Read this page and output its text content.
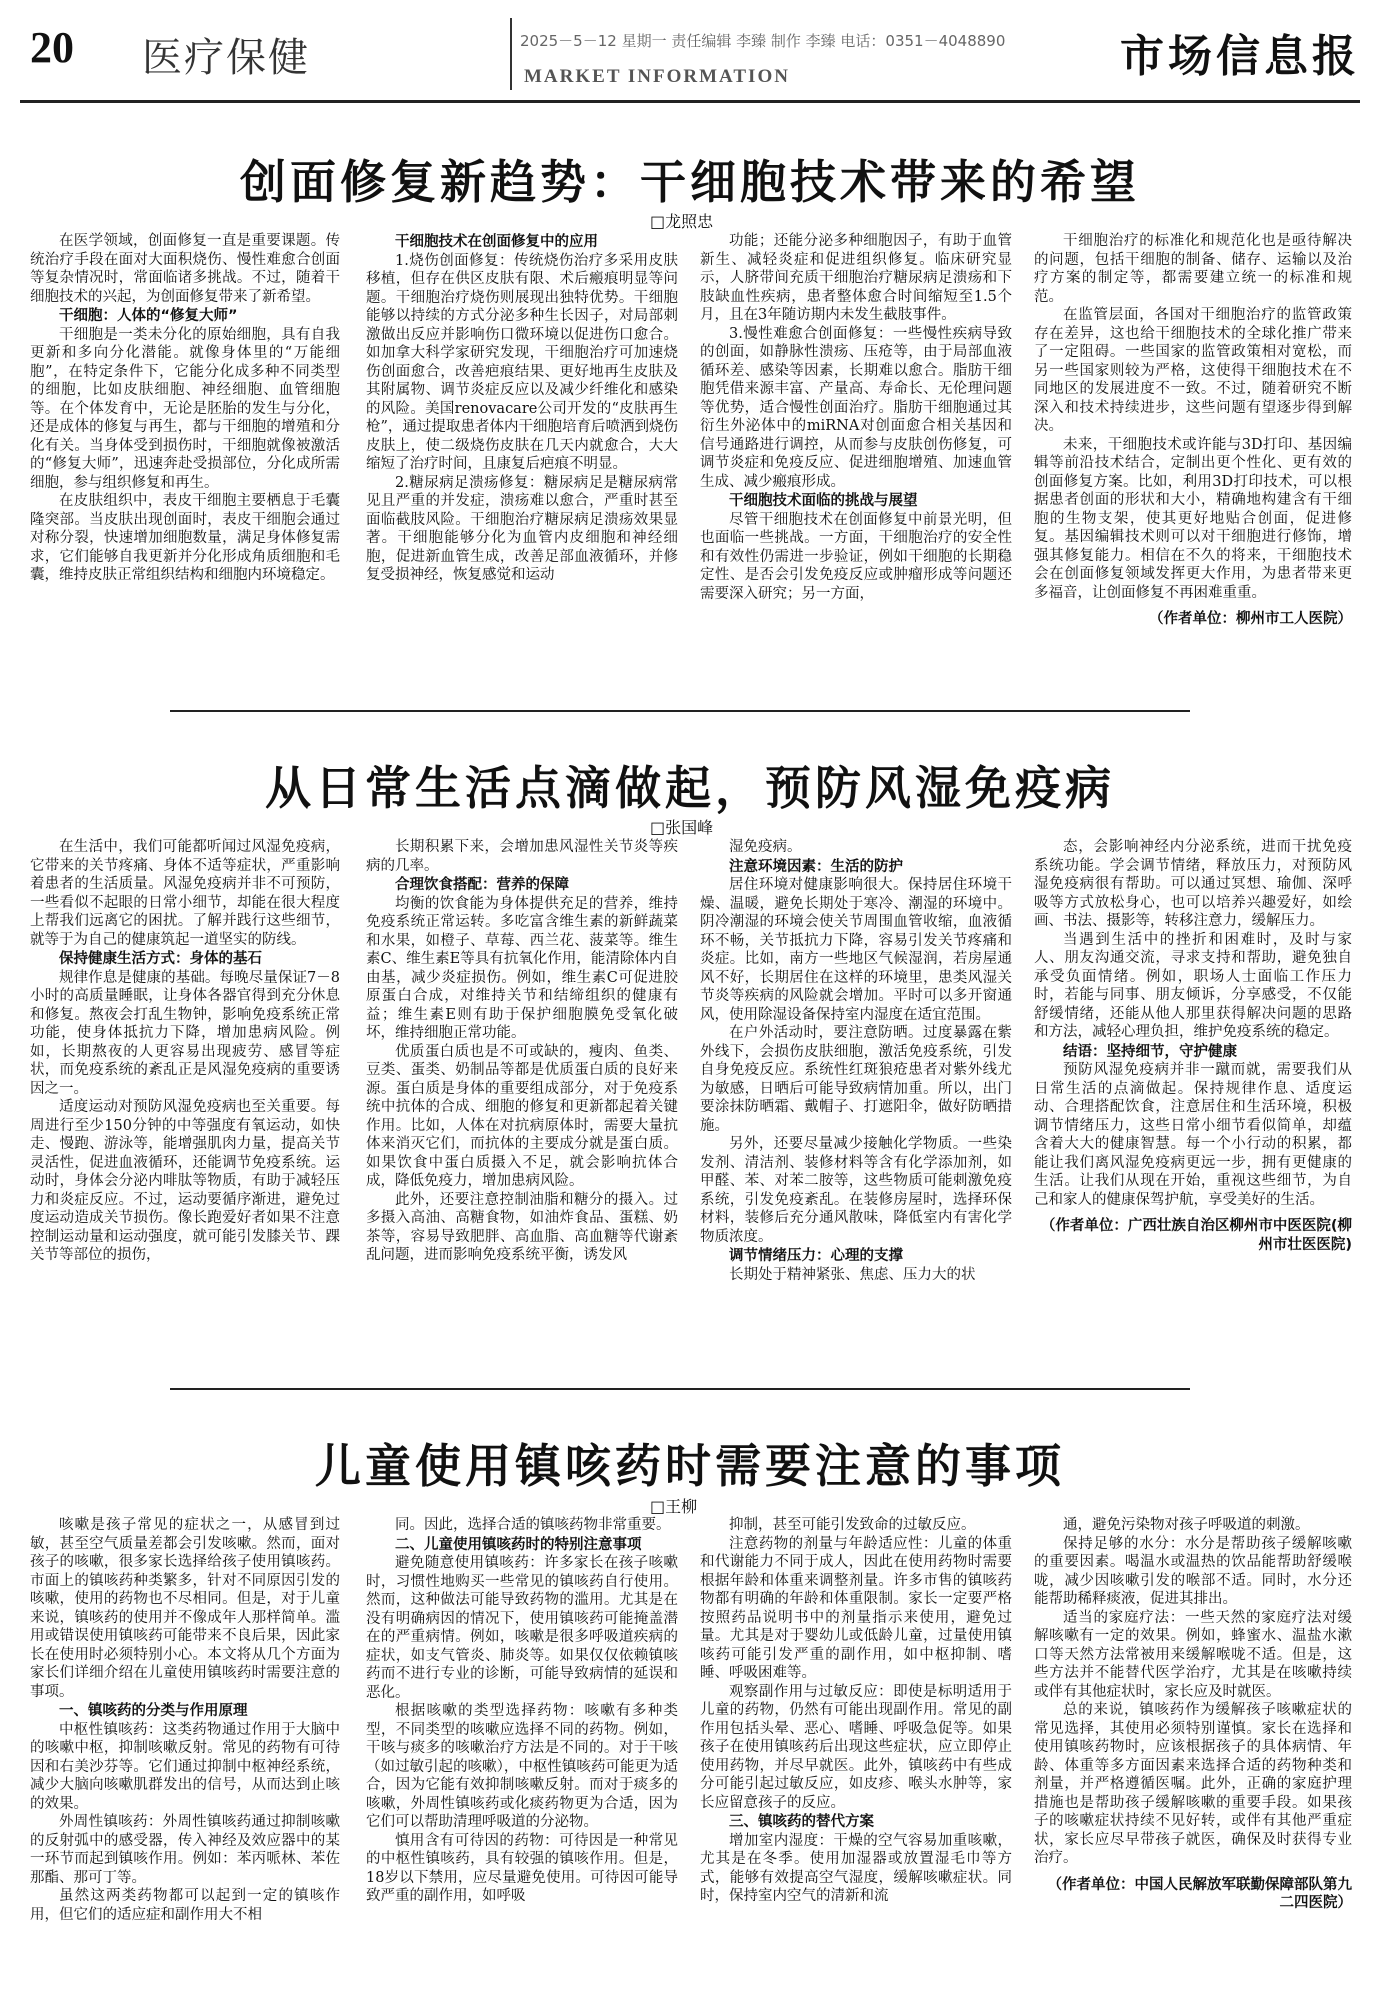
20 医疗保健	2025－5－12 星期一 责任编辑 李臻 制作 李臻 电话：0351－4048890
MARKET INFORMATION	市场信息报
创面修复新趋势：干细胞技术带来的希望
□龙照忠

在医学领域，创面修复一直是重要课题。传统治疗手段在面对大面积烧伤、慢性难愈合创面等复杂情况时，常面临诸多挑战。不过，随着干细胞技术的兴起，为创面修复带来了新希望。

干细胞：人体的“修复大师”

干细胞是一类未分化的原始细胞，具有自我更新和多向分化潜能。就像身体里的“万能细胞”，在特定条件下，它能分化成多种不同类型的细胞，比如皮肤细胞、神经细胞、血管细胞等。在个体发育中，无论是胚胎的发生与分化，还是成体的修复与再生，都与干细胞的增殖和分化有关。当身体受到损伤时，干细胞就像被激活的“修复大师”，迅速奔赴受损部位，分化成所需细胞，参与组织修复和再生。

在皮肤组织中，表皮干细胞主要栖息于毛囊隆突部。当皮肤出现创面时，表皮干细胞会通过对称分裂，快速增加细胞数量，满足身体修复需求，它们能够自我更新并分化形成角质细胞和毛囊，维持皮肤正常组织结构和细胞内环境稳定。

干细胞技术在创面修复中的应用

1.烧伤创面修复：传统烧伤治疗多采用皮肤移植，但存在供区皮肤有限、术后瘢痕明显等问题。干细胞治疗烧伤则展现出独特优势。干细胞能够以持续的方式分泌多种生长因子，对局部刺激做出反应并影响伤口微环境以促进伤口愈合。如加拿大科学家研究发现，干细胞治疗可加速烧伤创面愈合，改善疤痕结果、更好地再生皮肤及其附属物、调节炎症反应以及减少纤维化和感染的风险。美国renovacare公司开发的“皮肤再生枪”，通过提取患者体内干细胞培育后喷洒到烧伤皮肤上，使二级烧伤皮肤在几天内就愈合，大大缩短了治疗时间，且康复后疤痕不明显。

2.糖尿病足溃疡修复：糖尿病足是糖尿病常见且严重的并发症，溃疡难以愈合，严重时甚至面临截肢风险。干细胞治疗糖尿病足溃疡效果显著。干细胞能够分化为血管内皮细胞和神经细胞，促进新血管生成，改善足部血液循环，并修复受损神经，恢复感觉和运动

功能；还能分泌多种细胞因子，有助于血管新生、减轻炎症和促进组织修复。临床研究显示，人脐带间充质干细胞治疗糖尿病足溃疡和下肢缺血性疾病，患者整体愈合时间缩短至1.5个月，且在3年随访期内未发生截肢事件。

3.慢性难愈合创面修复：一些慢性疾病导致的创面，如静脉性溃疡、压疮等，由于局部血液循环差、感染等因素，长期难以愈合。脂肪干细胞凭借来源丰富、产量高、寿命长、无伦理问题等优势，适合慢性创面治疗。脂肪干细胞通过其衍生外泌体中的miRNA对创面愈合相关基因和信号通路进行调控，从而参与皮肤创伤修复，可调节炎症和免疫反应、促进细胞增殖、加速血管生成、减少瘢痕形成。

干细胞技术面临的挑战与展望

尽管干细胞技术在创面修复中前景光明，但也面临一些挑战。一方面，干细胞治疗的安全性和有效性仍需进一步验证，例如干细胞的长期稳定性、是否会引发免疫反应或肿瘤形成等问题还需要深入研究；另一方面，

干细胞治疗的标准化和规范化也是亟待解决的问题，包括干细胞的制备、储存、运输以及治疗方案的制定等，都需要建立统一的标准和规范。

在监管层面，各国对干细胞治疗的监管政策存在差异，这也给干细胞技术的全球化推广带来了一定阻碍。一些国家的监管政策相对宽松，而另一些国家则较为严格，这使得干细胞技术在不同地区的发展进度不一致。不过，随着研究不断深入和技术持续进步，这些问题有望逐步得到解决。

未来，干细胞技术或许能与3D打印、基因编辑等前沿技术结合，定制出更个性化、更有效的创面修复方案。比如，利用3D打印技术，可以根据患者创面的形状和大小，精确地构建含有干细胞的生物支架，使其更好地贴合创面，促进修复。基因编辑技术则可以对干细胞进行修饰，增强其修复能力。相信在不久的将来，干细胞技术会在创面修复领域发挥更大作用，为患者带来更多福音，让创面修复不再困难重重。

（作者单位：柳州市工人医院）

从日常生活点滴做起，预防风湿免疫病
□张国峰

在生活中，我们可能都听闻过风湿免疫病，它带来的关节疼痛、身体不适等症状，严重影响着患者的生活质量。风湿免疫病并非不可预防，一些看似不起眼的日常小细节，却能在很大程度上帮我们远离它的困扰。了解并践行这些细节，就等于为自己的健康筑起一道坚实的防线。

保持健康生活方式：身体的基石

规律作息是健康的基础。每晚尽量保证7－8小时的高质量睡眠，让身体各器官得到充分休息和修复。熬夜会打乱生物钟，影响免疫系统正常功能，使身体抵抗力下降，增加患病风险。例如，长期熬夜的人更容易出现疲劳、感冒等症状，而免疫系统的紊乱正是风湿免疫病的重要诱因之一。

适度运动对预防风湿免疫病也至关重要。每周进行至少150分钟的中等强度有氧运动，如快走、慢跑、游泳等，能增强肌肉力量，提高关节灵活性，促进血液循环，还能调节免疫系统。运动时，身体会分泌内啡肽等物质，有助于减轻压力和炎症反应。不过，运动要循序渐进，避免过度运动造成关节损伤。像长跑爱好者如果不注意控制运动量和运动强度，就可能引发膝关节、踝关节等部位的损伤，

长期积累下来，会增加患风湿性关节炎等疾病的几率。

合理饮食搭配：营养的保障

均衡的饮食能为身体提供充足的营养，维持免疫系统正常运转。多吃富含维生素的新鲜蔬菜和水果，如橙子、草莓、西兰花、菠菜等。维生素C、维生素E等具有抗氧化作用，能清除体内自由基，减少炎症损伤。例如，维生素C可促进胶原蛋白合成，对维持关节和结缔组织的健康有益；维生素E则有助于保护细胞膜免受氧化破坏，维持细胞正常功能。

优质蛋白质也是不可或缺的，瘦肉、鱼类、豆类、蛋类、奶制品等都是优质蛋白质的良好来源。蛋白质是身体的重要组成部分，对于免疫系统中抗体的合成、细胞的修复和更新都起着关键作用。比如，人体在对抗病原体时，需要大量抗体来消灭它们，而抗体的主要成分就是蛋白质。如果饮食中蛋白质摄入不足，就会影响抗体合成，降低免疫力，增加患病风险。

此外，还要注意控制油脂和糖分的摄入。过多摄入高油、高糖食物，如油炸食品、蛋糕、奶茶等，容易导致肥胖、高血脂、高血糖等代谢紊乱问题，进而影响免疫系统平衡，诱发风

湿免疫病。

注意环境因素：生活的防护

居住环境对健康影响很大。保持居住环境干燥、温暖，避免长期处于寒冷、潮湿的环境中。阴冷潮湿的环境会使关节周围血管收缩，血液循环不畅，关节抵抗力下降，容易引发关节疼痛和炎症。比如，南方一些地区气候湿润，若房屋通风不好，长期居住在这样的环境里，患类风湿关节炎等疾病的风险就会增加。平时可以多开窗通风，使用除湿设备保持室内湿度在适宜范围。

在户外活动时，要注意防晒。过度暴露在紫外线下，会损伤皮肤细胞，激活免疫系统，引发自身免疫反应。系统性红斑狼疮患者对紫外线尤为敏感，日晒后可能导致病情加重。所以，出门要涂抹防晒霜、戴帽子、打遮阳伞，做好防晒措施。

另外，还要尽量减少接触化学物质。一些染发剂、清洁剂、装修材料等含有化学添加剂，如甲醛、苯、对苯二胺等，这些物质可能刺激免疫系统，引发免疫紊乱。在装修房屋时，选择环保材料，装修后充分通风散味，降低室内有害化学物质浓度。

调节情绪压力：心理的支撑

长期处于精神紧张、焦虑、压力大的状

态，会影响神经内分泌系统，进而干扰免疫系统功能。学会调节情绪，释放压力，对预防风湿免疫病很有帮助。可以通过冥想、瑜伽、深呼吸等方式放松身心，也可以培养兴趣爱好，如绘画、书法、摄影等，转移注意力，缓解压力。

当遇到生活中的挫折和困难时，及时与家人、朋友沟通交流，寻求支持和帮助，避免独自承受负面情绪。例如，职场人士面临工作压力时，若能与同事、朋友倾诉，分享感受，不仅能舒缓情绪，还能从他人那里获得解决问题的思路和方法，减轻心理负担，维护免疫系统的稳定。

结语：坚持细节，守护健康

预防风湿免疫病并非一蹴而就，需要我们从日常生活的点滴做起。保持规律作息、适度运动、合理搭配饮食，注意居住和生活环境，积极调节情绪压力，这些日常小细节看似简单，却蕴含着大大的健康智慧。每一个小行动的积累，都能让我们离风湿免疫病更远一步，拥有更健康的生活。让我们从现在开始，重视这些细节，为自己和家人的健康保驾护航，享受美好的生活。

（作者单位：广西壮族自治区柳州市中医医院(柳州市壮医医院)

儿童使用镇咳药时需要注意的事项
□王柳

咳嗽是孩子常见的症状之一，从感冒到过敏，甚至空气质量差都会引发咳嗽。然而，面对孩子的咳嗽，很多家长选择给孩子使用镇咳药。市面上的镇咳药种类繁多，针对不同原因引发的咳嗽，使用的药物也不尽相同。但是，对于儿童来说，镇咳药的使用并不像成年人那样简单。滥用或错误使用镇咳药可能带来不良后果，因此家长在使用时必须特别小心。本文将从几个方面为家长们详细介绍在儿童使用镇咳药时需要注意的事项。

一、镇咳药的分类与作用原理

中枢性镇咳药：这类药物通过作用于大脑中的咳嗽中枢，抑制咳嗽反射。常见的药物有可待因和右美沙芬等。它们通过抑制中枢神经系统，减少大脑向咳嗽肌群发出的信号，从而达到止咳的效果。

外周性镇咳药：外周性镇咳药通过抑制咳嗽的反射弧中的感受器，传入神经及效应器中的某一环节而起到镇咳作用。例如：苯丙哌林、苯佐那酯、那可丁等。

虽然这两类药物都可以起到一定的镇咳作用，但它们的适应症和副作用大不相

同。因此，选择合适的镇咳药物非常重要。

二、儿童使用镇咳药时的特别注意事项

避免随意使用镇咳药：许多家长在孩子咳嗽时，习惯性地购买一些常见的镇咳药自行使用。然而，这种做法可能导致药物的滥用。尤其是在没有明确病因的情况下，使用镇咳药可能掩盖潜在的严重病情。例如，咳嗽是很多呼吸道疾病的症状，如支气管炎、肺炎等。如果仅仅依赖镇咳药而不进行专业的诊断，可能导致病情的延误和恶化。

根据咳嗽的类型选择药物：咳嗽有多种类型，不同类型的咳嗽应选择不同的药物。例如，干咳与痰多的咳嗽治疗方法是不同的。对于干咳（如过敏引起的咳嗽），中枢性镇咳药可能更为适合，因为它能有效抑制咳嗽反射。而对于痰多的咳嗽，外周性镇咳药或化痰药物更为合适，因为它们可以帮助清理呼吸道的分泌物。

慎用含有可待因的药物：可待因是一种常见的中枢性镇咳药，具有较强的镇咳作用。但是，18岁以下禁用，应尽量避免使用。可待因可能导致严重的副作用，如呼吸

抑制，甚至可能引发致命的过敏反应。

注意药物的剂量与年龄适应性：儿童的体重和代谢能力不同于成人，因此在使用药物时需要根据年龄和体重来调整剂量。许多市售的镇咳药物都有明确的年龄和体重限制。家长一定要严格按照药品说明书中的剂量指示来使用，避免过量。尤其是对于婴幼儿或低龄儿童，过量使用镇咳药可能引发严重的副作用，如中枢抑制、嗜睡、呼吸困难等。

观察副作用与过敏反应：即使是标明适用于儿童的药物，仍然有可能出现副作用。常见的副作用包括头晕、恶心、嗜睡、呼吸急促等。如果孩子在使用镇咳药后出现这些症状，应立即停止使用药物，并尽早就医。此外，镇咳药中有些成分可能引起过敏反应，如皮疹、喉头水肿等，家长应留意孩子的反应。

三、镇咳药的替代方案

增加室内湿度：干燥的空气容易加重咳嗽，尤其是在冬季。使用加湿器或放置湿毛巾等方式，能够有效提高空气湿度，缓解咳嗽症状。同时，保持室内空气的清新和流

通，避免污染物对孩子呼吸道的刺激。

保持足够的水分：水分是帮助孩子缓解咳嗽的重要因素。喝温水或温热的饮品能帮助舒缓喉咙，减少因咳嗽引发的喉部不适。同时，水分还能帮助稀释痰液，促进其排出。

适当的家庭疗法：一些天然的家庭疗法对缓解咳嗽有一定的效果。例如，蜂蜜水、温盐水漱口等天然方法常被用来缓解喉咙不适。但是，这些方法并不能替代医学治疗，尤其是在咳嗽持续或伴有其他症状时，家长应及时就医。

总的来说，镇咳药作为缓解孩子咳嗽症状的常见选择，其使用必须特别谨慎。家长在选择和使用镇咳药物时，应该根据孩子的具体病情、年龄、体重等多方面因素来选择合适的药物种类和剂量，并严格遵循医嘱。此外，正确的家庭护理措施也是帮助孩子缓解咳嗽的重要手段。如果孩子的咳嗽症状持续不见好转，或伴有其他严重症状，家长应尽早带孩子就医，确保及时获得专业治疗。

（作者单位：中国人民解放军联勤保障部队第九二四医院）
